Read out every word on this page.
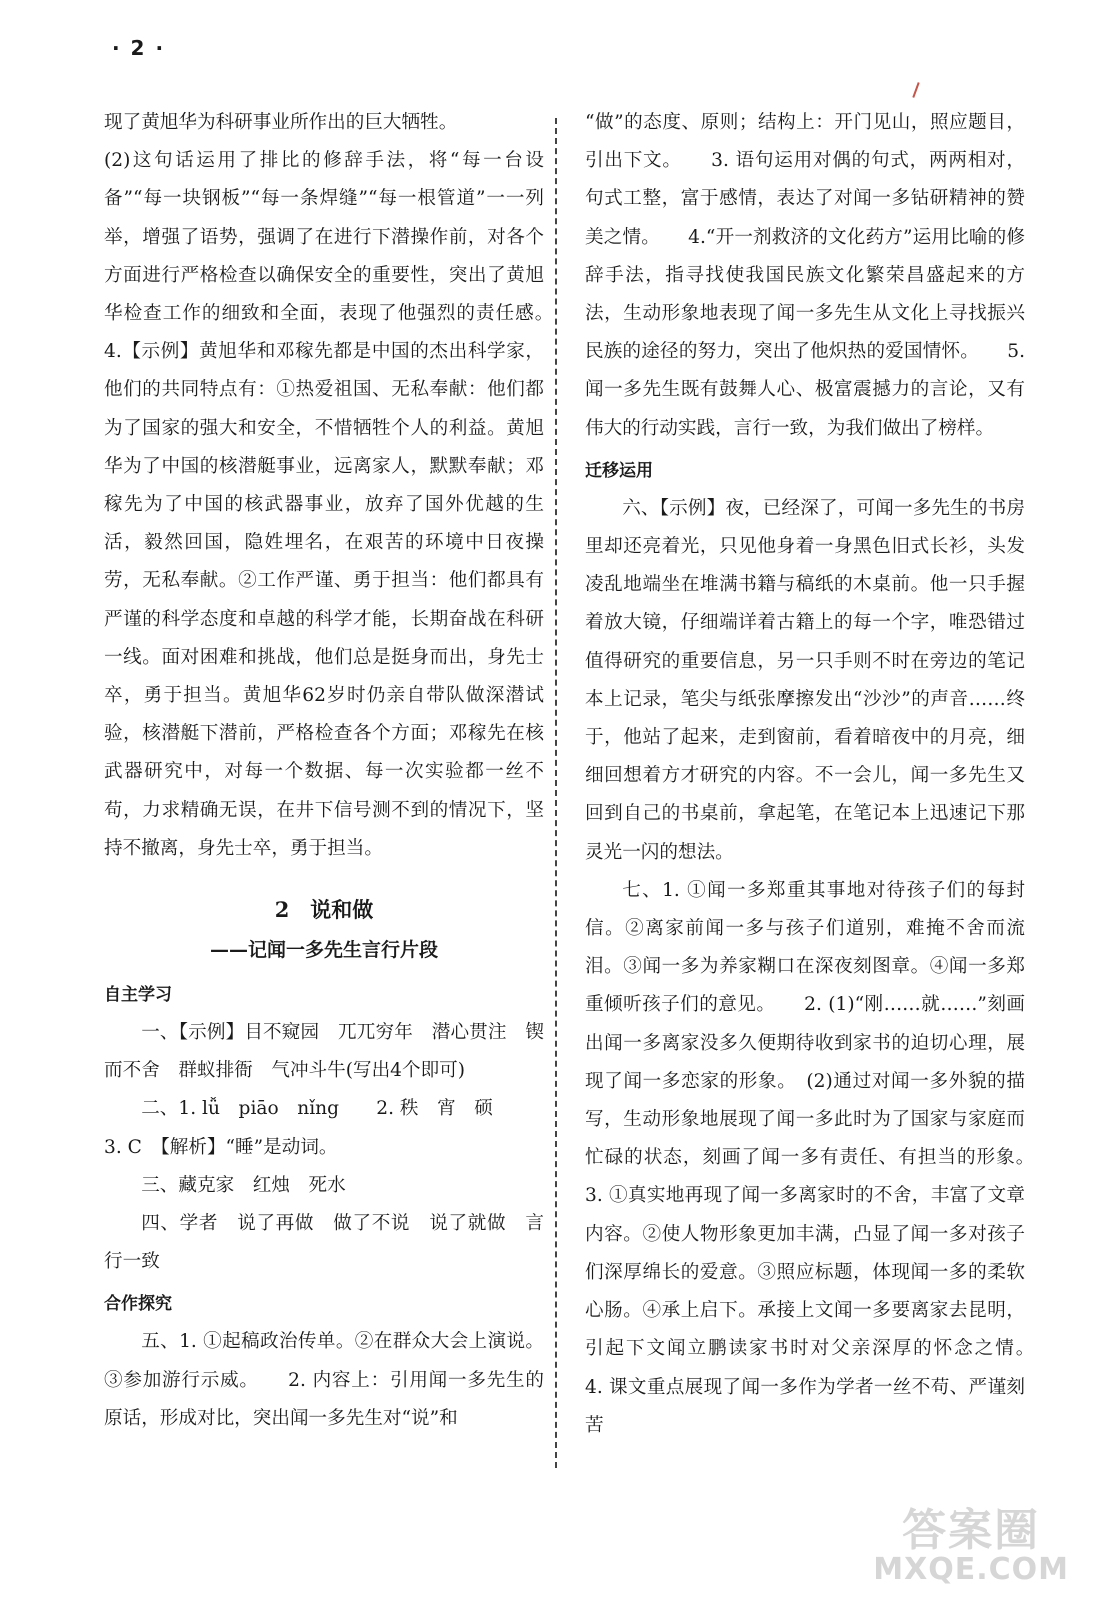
· 2 ·

现了黄旭华为科研事业所作出的巨大牺牲。

(2)这句话运用了排比的修辞手法，将“每一台设备”“每一块钢板”“每一条焊缝”“每一根管道”一一列举，增强了语势，强调了在进行下潜操作前，对各个方面进行严格检查以确保安全的重要性，突出了黄旭华检查工作的细致和全面，表现了他强烈的责任感。　　4.【示例】黄旭华和邓稼先都是中国的杰出科学家，他们的共同特点有：①热爱祖国、无私奉献：他们都为了国家的强大和安全，不惜牺牲个人的利益。黄旭华为了中国的核潜艇事业，远离家人，默默奉献；邓稼先为了中国的核武器事业，放弃了国外优越的生活，毅然回国，隐姓埋名，在艰苦的环境中日夜操劳，无私奉献。②工作严谨、勇于担当：他们都具有严谨的科学态度和卓越的科学才能，长期奋战在科研一线。面对困难和挑战，他们总是挺身而出，身先士卒，勇于担当。黄旭华62岁时仍亲自带队做深潜试验，核潜艇下潜前，严格检查各个方面；邓稼先在核武器研究中，对每一个数据、每一次实验都一丝不苟，力求精确无误，在井下信号测不到的情况下，坚持不撤离，身先士卒，勇于担当。

2　说和做
——记闻一多先生言行片段
自主学习

一、【示例】目不窥园　兀兀穷年　潜心贯注　锲而不舍　群蚁排衙　气冲斗牛(写出4个即可)

二、1. lǚ　piāo　nǐng　　2. 秩　宵　硕

3. C　【解析】“睡”是动词。

三、藏克家　红烛　死水

四、学者　说了再做　做了不说　说了就做　言行一致

合作探究

五、1. ①起稿政治传单。②在群众大会上演说。③参加游行示威。　　2. 内容上：引用闻一多先生的原话，形成对比，突出闻一多先生对“说”和

“做”的态度、原则；结构上：开门见山，照应题目，引出下文。　　3. 语句运用对偶的句式，两两相对，句式工整，富于感情，表达了对闻一多钻研精神的赞美之情。　　4.“开一剂救济的文化药方”运用比喻的修辞手法，指寻找使我国民族文化繁荣昌盛起来的方法，生动形象地表现了闻一多先生从文化上寻找振兴民族的途径的努力，突出了他炽热的爱国情怀。　　5. 闻一多先生既有鼓舞人心、极富震撼力的言论，又有伟大的行动实践，言行一致，为我们做出了榜样。

迁移运用

六、【示例】夜，已经深了，可闻一多先生的书房里却还亮着光，只见他身着一身黑色旧式长衫，头发凌乱地端坐在堆满书籍与稿纸的木桌前。他一只手握着放大镜，仔细端详着古籍上的每一个字，唯恐错过值得研究的重要信息，另一只手则不时在旁边的笔记本上记录，笔尖与纸张摩擦发出“沙沙”的声音……终于，他站了起来，走到窗前，看着暗夜中的月亮，细细回想着方才研究的内容。不一会儿，闻一多先生又回到自己的书桌前，拿起笔，在笔记本上迅速记下那灵光一闪的想法。

七、1. ①闻一多郑重其事地对待孩子们的每封信。②离家前闻一多与孩子们道别，难掩不舍而流泪。③闻一多为养家糊口在深夜刻图章。④闻一多郑重倾听孩子们的意见。　　2. (1)“刚……就……”刻画出闻一多离家没多久便期待收到家书的迫切心理，展现了闻一多恋家的形象。　(2)通过对闻一多外貌的描写，生动形象地展现了闻一多此时为了国家与家庭而忙碌的状态，刻画了闻一多有责任、有担当的形象。　　3. ①真实地再现了闻一多离家时的不舍，丰富了文章内容。②使人物形象更加丰满，凸显了闻一多对孩子们深厚绵长的爱意。③照应标题，体现闻一多的柔软心肠。④承上启下。承接上文闻一多要离家去昆明，引起下文闻立鹏读家书时对父亲深厚的怀念之情。　　4. 课文重点展现了闻一多作为学者一丝不苟、严谨刻苦

答案圈
MXQE.COM
